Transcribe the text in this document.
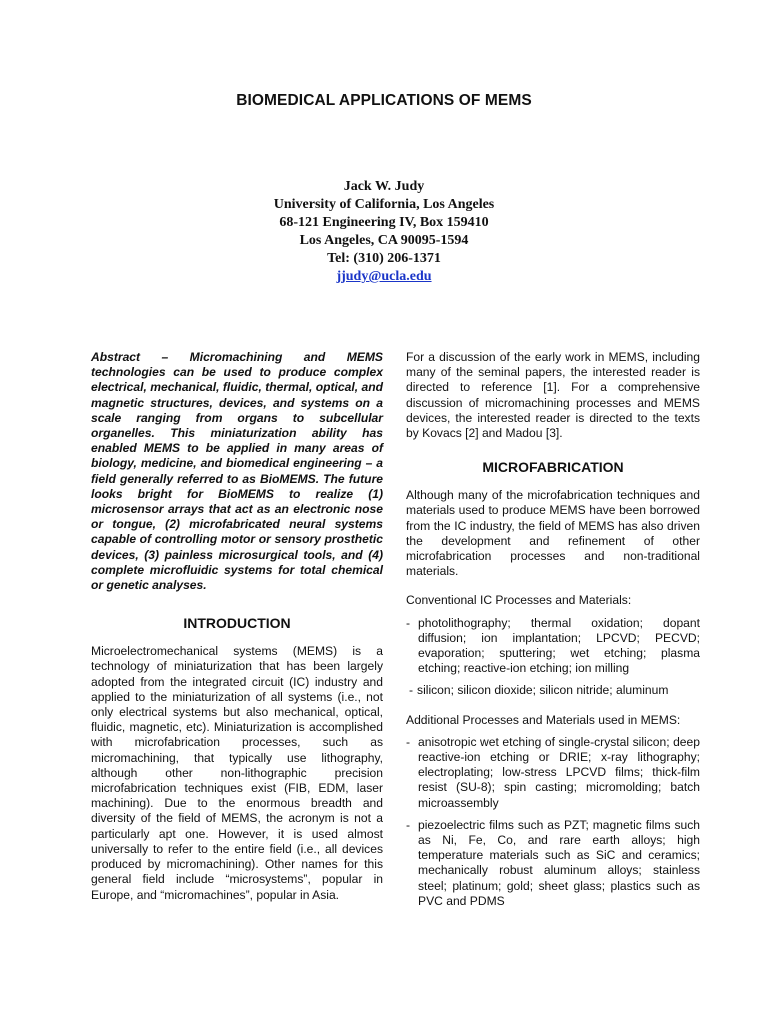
BIOMEDICAL APPLICATIONS OF MEMS
Jack W. Judy
University of California, Los Angeles
68-121 Engineering IV, Box 159410
Los Angeles, CA 90095-1594
Tel: (310) 206-1371
jjudy@ucla.edu

Abstract – Micromachining and MEMS technologies can be used to produce complex electrical, mechanical, fluidic, thermal, optical, and magnetic structures, devices, and systems on a scale ranging from organs to subcellular organelles. This miniaturization ability has enabled MEMS to be applied in many areas of biology, medicine, and biomedical engineering – a field generally referred to as BioMEMS. The future looks bright for BioMEMS to realize (1) microsensor arrays that act as an electronic nose or tongue, (2) microfabricated neural systems capable of controlling motor or sensory prosthetic devices, (3) painless microsurgical tools, and (4) complete microfluidic systems for total chemical or genetic analyses.

INTRODUCTION

Microelectromechanical systems (MEMS) is a technology of miniaturization that has been largely adopted from the integrated circuit (IC) industry and applied to the miniaturization of all systems (i.e., not only electrical systems but also mechanical, optical, fluidic, magnetic, etc). Miniaturization is accomplished with microfabrication processes, such as micromachining, that typically use lithography, although other non-lithographic precision microfabrication techniques exist (FIB, EDM, laser machining). Due to the enormous breadth and diversity of the field of MEMS, the acronym is not a particularly apt one. However, it is used almost universally to refer to the entire field (i.e., all devices produced by micromachining). Other names for this general field include “microsystems”, popular in Europe, and “micromachines”, popular in Asia.

For a discussion of the early work in MEMS, including many of the seminal papers, the interested reader is directed to reference [1]. For a comprehensive discussion of micromachining processes and MEMS devices, the interested reader is directed to the texts by Kovacs [2] and Madou [3].

MICROFABRICATION

Although many of the microfabrication techniques and materials used to produce MEMS have been borrowed from the IC industry, the field of MEMS has also driven the development and refinement of other microfabrication processes and non-traditional materials.

Conventional IC Processes and Materials:

- photolithography; thermal oxidation; dopant diffusion; ion implantation; LPCVD; PECVD; evaporation; sputtering; wet etching; plasma etching; reactive-ion etching; ion milling

- silicon; silicon dioxide; silicon nitride; aluminum

Additional Processes and Materials used in MEMS:

- anisotropic wet etching of single-crystal silicon; deep reactive-ion etching or DRIE; x-ray lithography; electroplating; low-stress LPCVD films; thick-film resist (SU-8); spin casting; micromolding; batch microassembly

- piezoelectric films such as PZT; magnetic films such as Ni, Fe, Co, and rare earth alloys; high temperature materials such as SiC and ceramics; mechanically robust aluminum alloys; stainless steel; platinum; gold; sheet glass; plastics such as PVC and PDMS
